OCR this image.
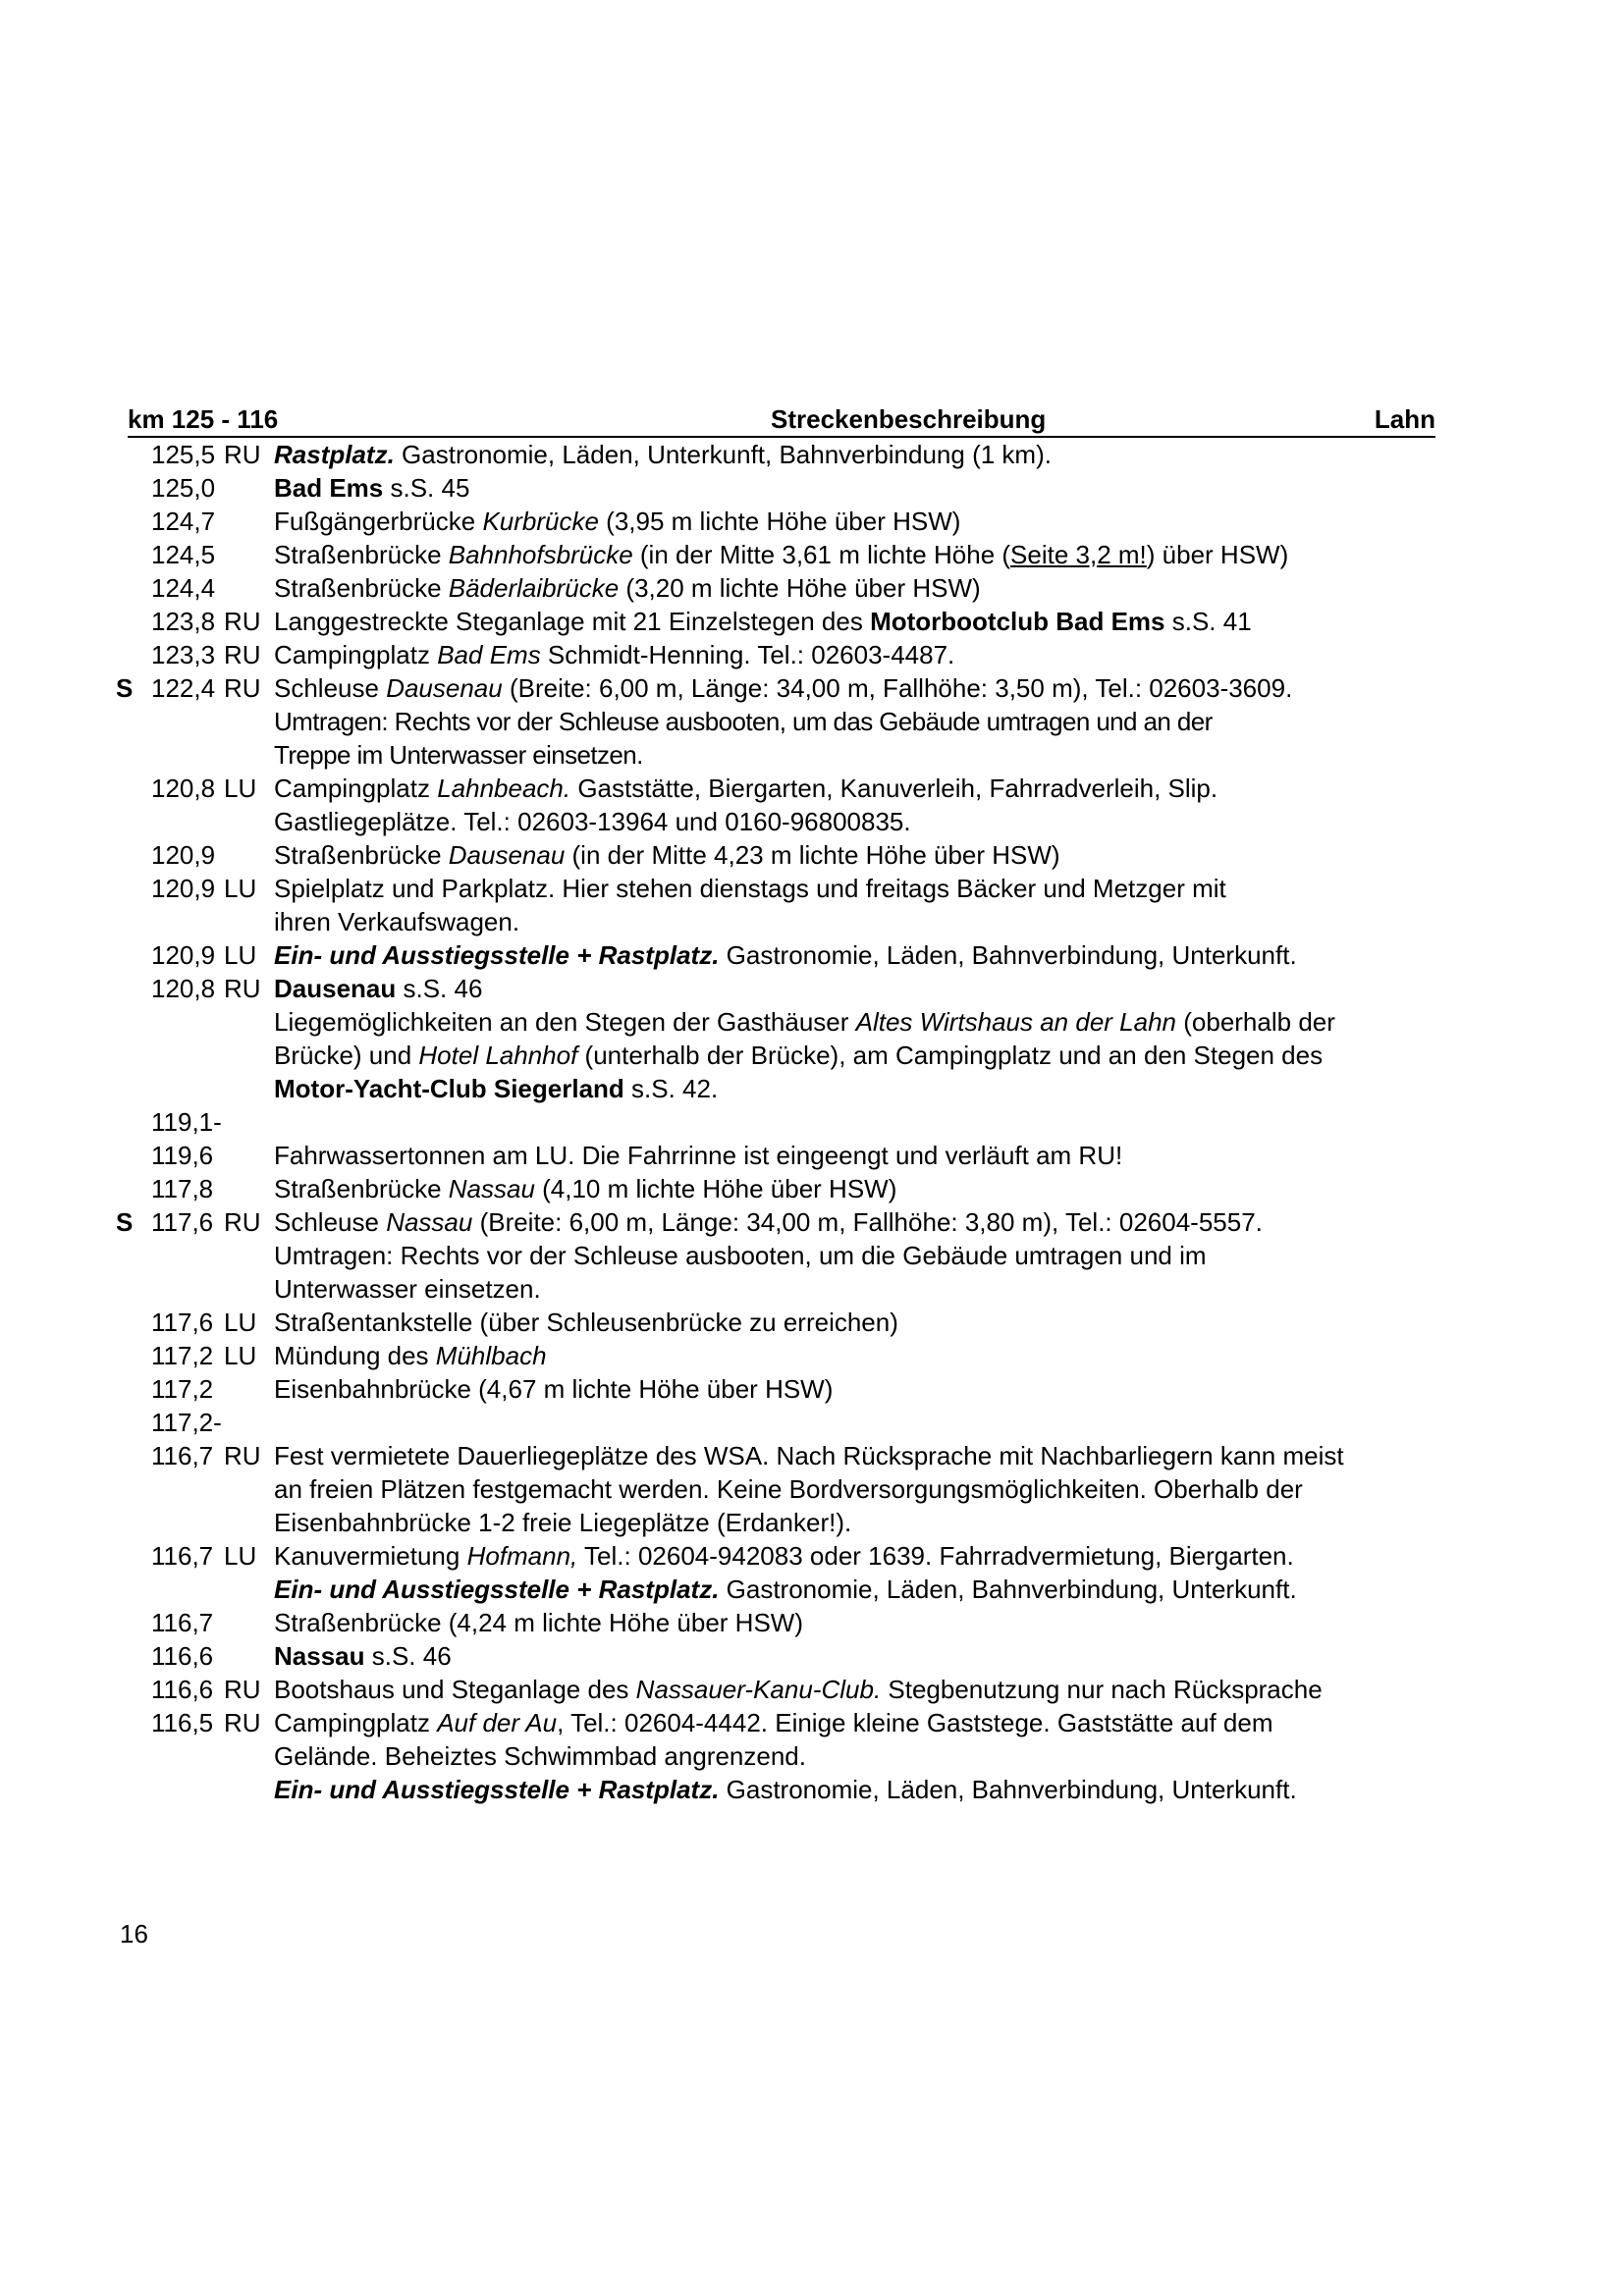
km 125 - 116	Streckenbeschreibung	Lahn
125,5 RU Rastplatz. Gastronomie, Läden, Unterkunft, Bahnverbindung (1 km).
125,0 Bad Ems s.S. 45
124,7 Fußgängerbrücke Kurbrücke (3,95 m lichte Höhe über HSW)
124,5 Straßenbrücke Bahnhofsbrücke (in der Mitte 3,61 m lichte Höhe (Seite 3,2 m!) über HSW)
124,4 Straßenbrücke Bäderlaibrücke (3,20 m lichte Höhe über HSW)
123,8 RU Langgestreckte Steganlage mit 21 Einzelstegen des Motorbootclub Bad Ems s.S. 41
123,3 RU Campingplatz Bad Ems Schmidt-Henning. Tel.: 02603-4487.
S 122,4 RU Schleuse Dausenau (Breite: 6,00 m, Länge: 34,00 m, Fallhöhe: 3,50 m), Tel.: 02603-3609.
Umtragen: Rechts vor der Schleuse ausbooten, um das Gebäude umtragen und an der
Treppe im Unterwasser einsetzen.
120,8 LU Campingplatz Lahnbeach. Gaststätte, Biergarten, Kanuverleih, Fahrradverleih, Slip.
Gastliegeplätze. Tel.: 02603-13964 und 0160-96800835.
120,9 Straßenbrücke Dausenau (in der Mitte 4,23 m lichte Höhe über HSW)
120,9 LU Spielplatz und Parkplatz. Hier stehen dienstags und freitags Bäcker und Metzger mit
ihren Verkaufswagen.
120,9 LU Ein- und Ausstiegsstelle + Rastplatz. Gastronomie, Läden, Bahnverbindung, Unterkunft.
120,8 RU Dausenau s.S. 46
Liegemöglichkeiten an den Stegen der Gasthäuser Altes Wirtshaus an der Lahn (oberhalb der
Brücke) und Hotel Lahnhof (unterhalb der Brücke), am Campingplatz und an den Stegen des
Motor-Yacht-Club Siegerland s.S. 42.
119,1-
119,6 Fahrwassertonnen am LU. Die Fahrrinne ist eingeengt und verläuft am RU!
117,8 Straßenbrücke Nassau (4,10 m lichte Höhe über HSW)
S 117,6 RU Schleuse Nassau (Breite: 6,00 m, Länge: 34,00 m, Fallhöhe: 3,80 m), Tel.: 02604-5557.
Umtragen: Rechts vor der Schleuse ausbooten, um die Gebäude umtragen und im
Unterwasser einsetzen.
117,6 LU Straßentankstelle (über Schleusenbrücke zu erreichen)
117,2 LU Mündung des Mühlbach
117,2 Eisenbahnbrücke (4,67 m lichte Höhe über HSW)
117,2-
116,7 RU Fest vermietete Dauerliegeplätze des WSA. Nach Rücksprache mit Nachbarliegern kann meist
an freien Plätzen festgemacht werden. Keine Bordversorgungsmöglichkeiten. Oberhalb der
Eisenbahnbrücke 1-2 freie Liegeplätze (Erdanker!).
116,7 LU Kanuvermietung Hofmann, Tel.: 02604-942083 oder 1639. Fahrradvermietung, Biergarten.
Ein- und Ausstiegsstelle + Rastplatz. Gastronomie, Läden, Bahnverbindung, Unterkunft.
116,7 Straßenbrücke (4,24 m lichte Höhe über HSW)
116,6 Nassau s.S. 46
116,6 RU Bootshaus und Steganlage des Nassauer-Kanu-Club. Stegbenutzung nur nach Rücksprache
116,5 RU Campingplatz Auf der Au, Tel.: 02604-4442. Einige kleine Gaststege. Gaststätte auf dem
Gelände. Beheiztes Schwimmbad angrenzend.
Ein- und Ausstiegsstelle + Rastplatz. Gastronomie, Läden, Bahnverbindung, Unterkunft.
16
